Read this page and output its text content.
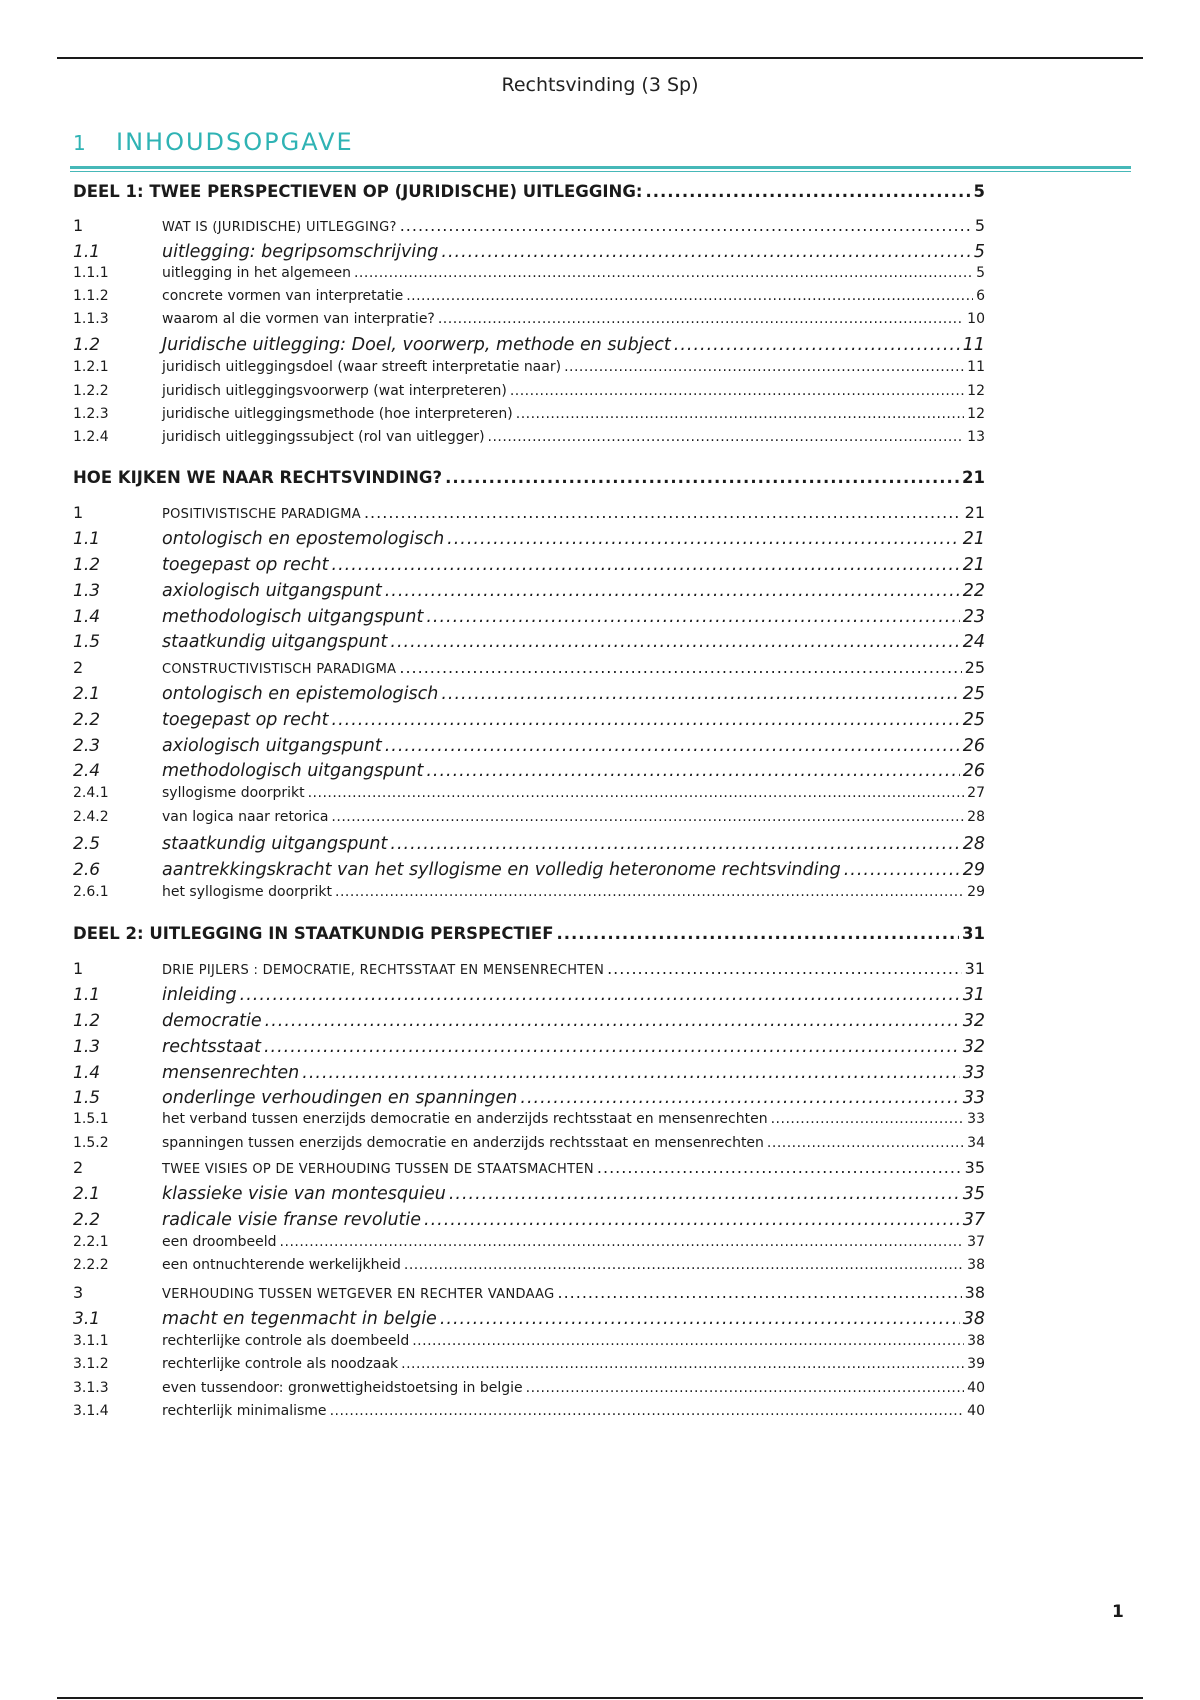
Rechtsvinding (3 Sp)
1	INHOUDSOPGAVE
DEEL 1: TWEE PERSPECTIEVEN OP (JURIDISCHE) UITLEGGING: .....	5
1	WAT IS (JURIDISCHE) UITLEGGING? .....	5
1.1	uitlegging: begripsomschrijving .....	5
1.1.1	uitlegging in het algemeen .....	5
1.1.2	concrete vormen van interpretatie .....	6
1.1.3	waarom al die vormen van interpratie? .....	10
1.2	Juridische uitlegging: Doel, voorwerp, methode en subject .....	11
1.2.1	juridisch uitleggingsdoel (waar streeft interpretatie naar) .....	11
1.2.2	juridisch uitleggingsvoorwerp (wat interpreteren) .....	12
1.2.3	juridische uitleggingsmethode (hoe interpreteren) .....	12
1.2.4	juridisch uitleggingssubject (rol van uitlegger) .....	13
HOE KIJKEN WE NAAR RECHTSVINDING? .....	21
1	POSITIVISTISCHE PARADIGMA .....	21
1.1	ontologisch en epostemologisch .....	21
1.2	toegepast op recht .....	21
1.3	axiologisch uitgangspunt .....	22
1.4	methodologisch uitgangspunt .....	23
1.5	staatkundig uitgangspunt .....	24
2	CONSTRUCTIVISTISCH PARADIGMA .....	25
2.1	ontologisch en epistemologisch .....	25
2.2	toegepast op recht .....	25
2.3	axiologisch uitgangspunt .....	26
2.4	methodologisch uitgangspunt .....	26
2.4.1	syllogisme doorprikt .....	27
2.4.2	van logica naar retorica .....	28
2.5	staatkundig uitgangspunt .....	28
2.6	aantrekkingskracht van het syllogisme en volledig heteronome rechtsvinding .....	29
2.6.1	het syllogisme doorprikt .....	29
DEEL 2: UITLEGGING IN STAATKUNDIG PERSPECTIEF .....	31
1	DRIE PIJLERS : DEMOCRATIE, RECHTSSTAAT EN MENSENRECHTEN .....	31
1.1	inleiding .....	31
1.2	democratie .....	32
1.3	rechtsstaat .....	32
1.4	mensenrechten .....	33
1.5	onderlinge verhoudingen en spanningen .....	33
1.5.1	het verband tussen enerzijds democratie en anderzijds rechtsstaat en mensenrechten .....	33
1.5.2	spanningen tussen enerzijds democratie en anderzijds rechtsstaat en mensenrechten .....	34
2	TWEE VISIES OP DE VERHOUDING TUSSEN DE STAATSMACHTEN .....	35
2.1	klassieke visie van montesquieu .....	35
2.2	radicale visie franse revolutie .....	37
2.2.1	een droombeeld .....	37
2.2.2	een ontnuchterende werkelijkheid .....	38
3	VERHOUDING TUSSEN WETGEVER EN RECHTER VANDAAG .....	38
3.1	macht en tegenmacht in belgie .....	38
3.1.1	rechterlijke controle als doembeeld .....	38
3.1.2	rechterlijke controle als noodzaak .....	39
3.1.3	even tussendoor: gronwettigheidstoetsing in belgie .....	40
3.1.4	rechterlijk minimalisme .....	40
1
